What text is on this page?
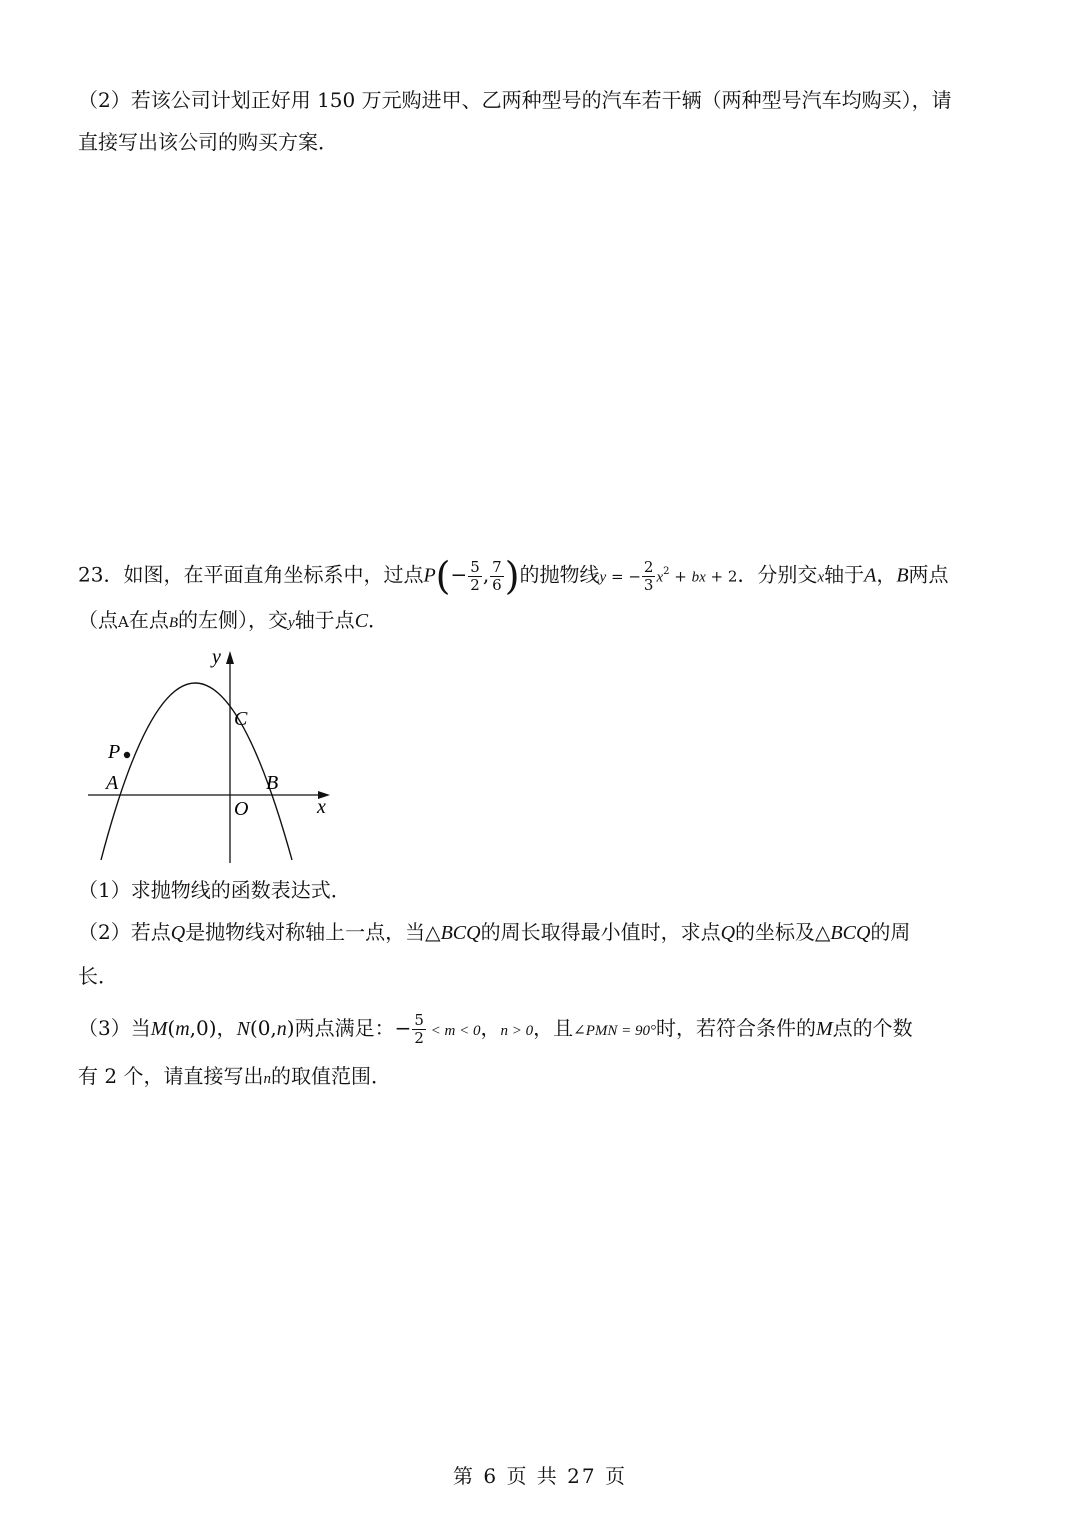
（2）若该公司计划正好用 150 万元购进甲、乙两种型号的汽车若干辆（两种型号汽车均购买），请
直接写出该公司的购买方案．
23．如图，在平面直角坐标系中，过点$P(- \frac{5}{2}$ , $\frac{7}{6}$ )的抛物线y = − $\frac{2}{3} x^2$ + bx + 2．分别交x轴于A，B两点
（点A在点B的左侧），交y轴于点C．
y
x
O
A	B
C
P
（1）求抛物线的函数表达式．
（2）若点Q是抛物线对称轴上一点，当△BCQ的周长取得最小值时，求点Q的坐标及△BCQ的周
长．
（3）当M(m,0)，N(0,n)两点满足：− $\frac{5}{2} < m < 0$，n > 0，且∠PMN = 90°时，若符合条件的M点的个数
有 2 个，请直接写出n的取值范围．
第 6 页 共 27 页
